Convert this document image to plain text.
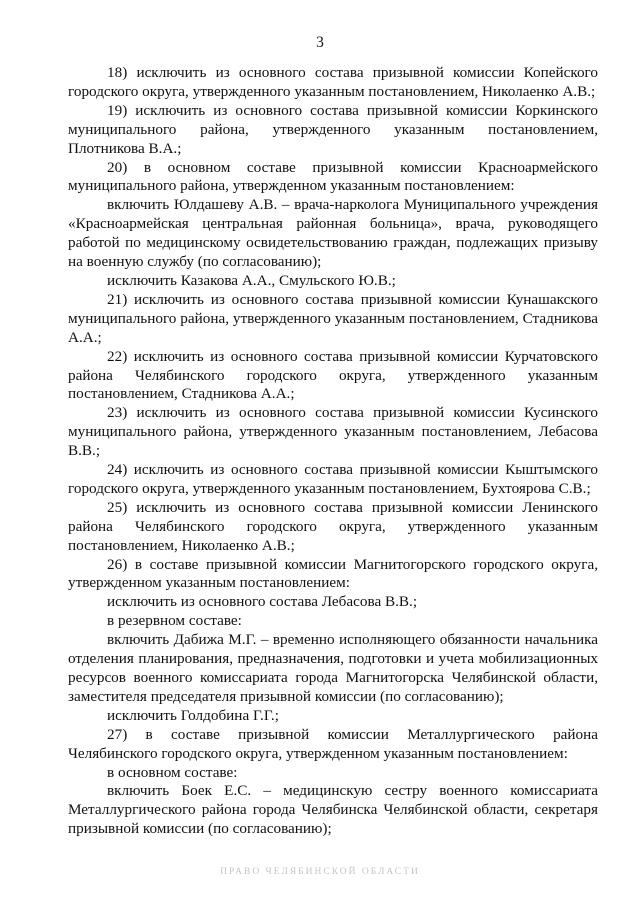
3

18) исключить из основного состава призывной комиссии Копейского городского округа, утвержденного указанным постановлением, Николаенко А.В.;

19) исключить из основного состава призывной комиссии Коркинского муниципального района, утвержденного указанным постановлением, Плотникова В.А.;

20) в основном составе призывной комиссии Красноармейского муниципального района, утвержденном указанным постановлением:

включить Юлдашеву А.В. – врача-нарколога Муниципального учреждения «Красноармейская центральная районная больница», врача, руководящего работой по медицинскому освидетельствованию граждан, подлежащих призыву на военную службу (по согласованию);

исключить Казакова А.А., Смульского Ю.В.;

21) исключить из основного состава призывной комиссии Кунашакского муниципального района, утвержденного указанным постановлением, Стадникова А.А.;

22) исключить из основного состава призывной комиссии Курчатовского района Челябинского городского округа, утвержденного указанным постановлением, Стадникова А.А.;

23) исключить из основного состава призывной комиссии Кусинского муниципального района, утвержденного указанным постановлением, Лебасова В.В.;

24) исключить из основного состава призывной комиссии Кыштымского городского округа, утвержденного указанным постановлением, Бухтоярова С.В.;

25) исключить из основного состава призывной комиссии Ленинского района Челябинского городского округа, утвержденного указанным постановлением, Николаенко А.В.;

26) в составе призывной комиссии Магнитогорского городского округа, утвержденном указанным постановлением:

исключить из основного состава Лебасова В.В.;

в резервном составе:

включить Дабижа М.Г. – временно исполняющего обязанности начальника отделения планирования, предназначения, подготовки и учета мобилизационных ресурсов военного комиссариата города Магнитогорска Челябинской области, заместителя председателя призывной комиссии (по согласованию);

исключить Голдобина Г.Г.;

27) в составе призывной комиссии Металлургического района Челябинского городского округа, утвержденном указанным постановлением:

в основном составе:

включить Боек Е.С. – медицинскую сестру военного комиссариата Металлургического района города Челябинска Челябинской области, секретаря призывной комиссии (по согласованию);

ПРАВО ЧЕЛЯБИНСКОЙ ОБЛАСТИ
